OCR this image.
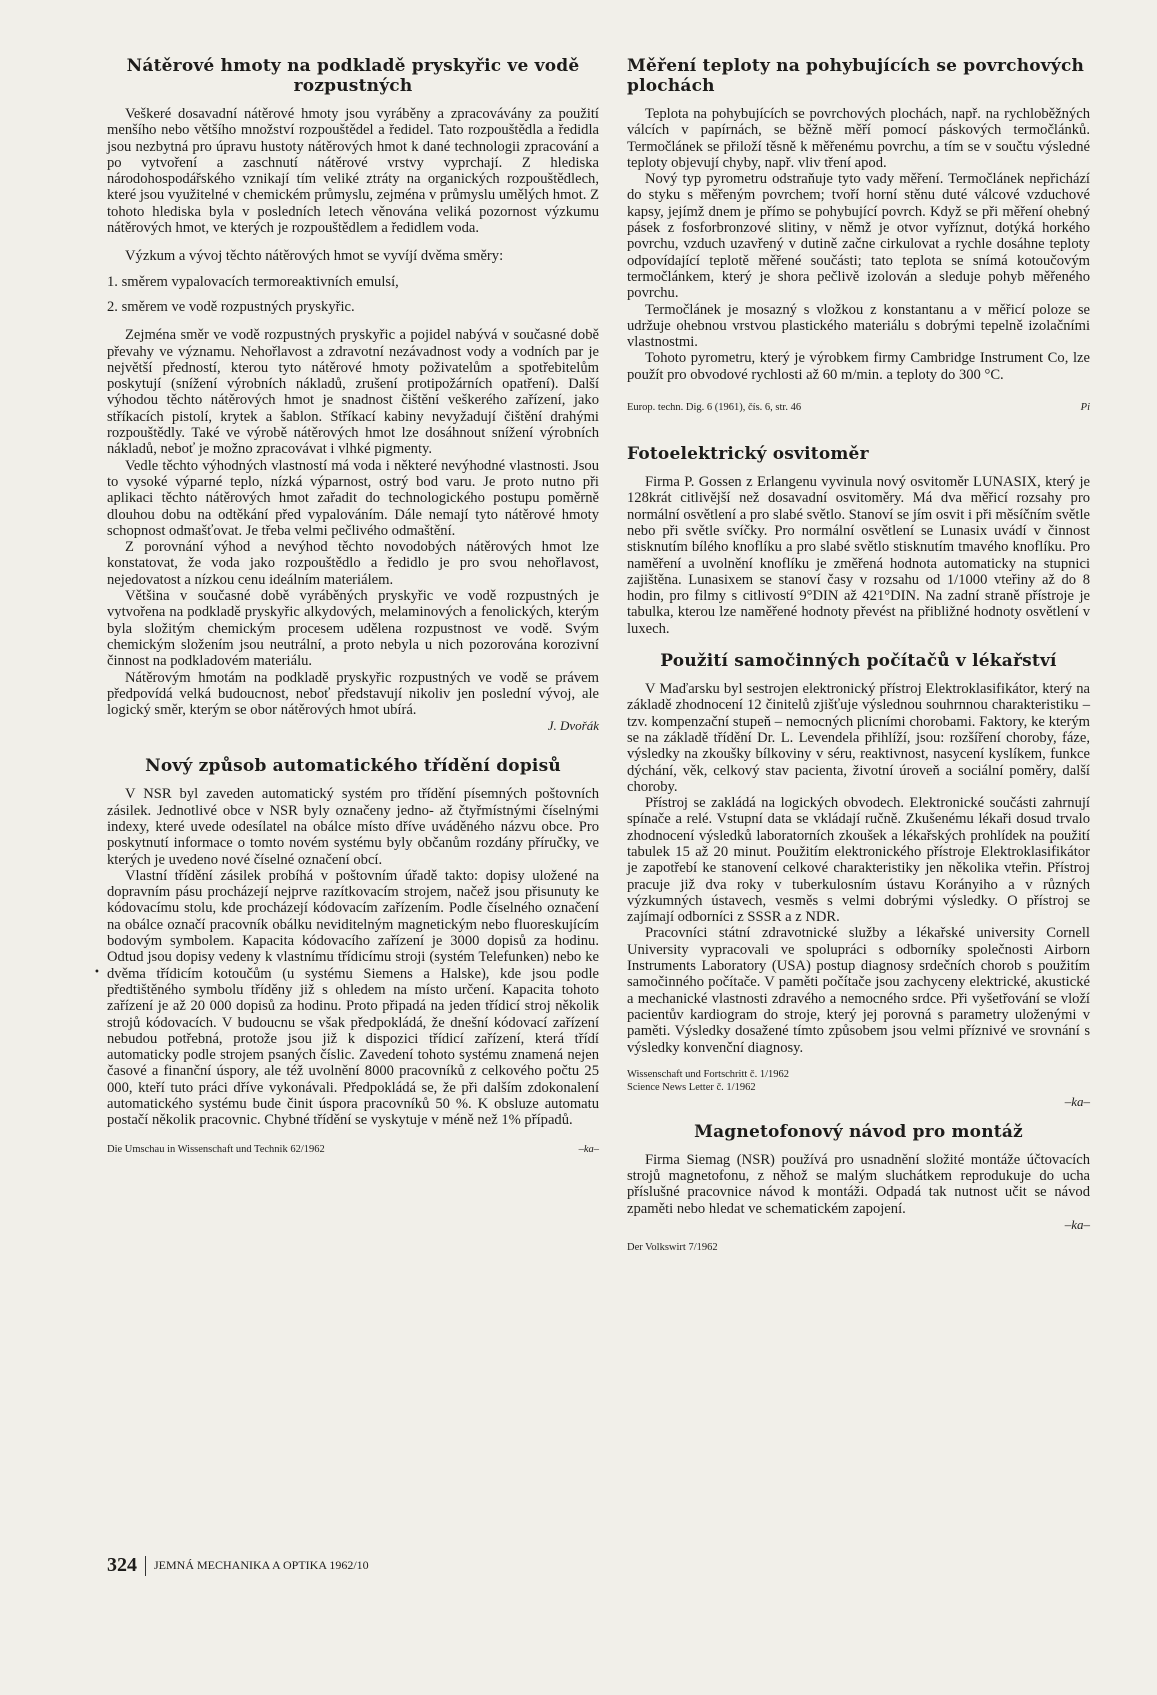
Nátěrové hmoty na podkladě pryskyřic ve vodě rozpustných

Veškeré dosavadní nátěrové hmoty jsou vyráběny a zpracovávány za použití menšího nebo většího množství rozpouštědel a ředidel. Tato rozpouštědla a ředidla jsou nezbytná pro úpravu hustoty nátěrových hmot k dané technologii zpracování a po vytvoření a zaschnutí nátěrové vrstvy vyprchají. Z hlediska národohospodářského vznikají tím veliké ztráty na organických rozpouštědlech, které jsou využitelné v chemickém průmyslu, zejména v průmyslu umělých hmot. Z tohoto hlediska byla v posledních letech věnována veliká pozornost výzkumu nátěrových hmot, ve kterých je rozpouštědlem a ředidlem voda.

Výzkum a vývoj těchto nátěrových hmot se vyvíjí dvěma směry:

1. směrem vypalovacích termoreaktivních emulsí,

2. směrem ve vodě rozpustných pryskyřic.

Zejména směr ve vodě rozpustných pryskyřic a pojidel nabývá v současné době převahy ve významu. Nehořlavost a zdravotní nezávadnost vody a vodních par je největší předností, kterou tyto nátěrové hmoty poživatelům a spotřebitelům poskytují (snížení výrobních nákladů, zrušení protipožárních opatření). Další výhodou těchto nátěrových hmot je snadnost čištění veškerého zařízení, jako stříkacích pistolí, krytek a šablon. Stříkací kabiny nevyžadují čištění drahými rozpouštědly. Také ve výrobě nátěrových hmot lze dosáhnout snížení výrobních nákladů, neboť je možno zpracovávat i vlhké pigmenty.

Vedle těchto výhodných vlastností má voda i některé nevýhodné vlastnosti. Jsou to vysoké výparné teplo, nízká výparnost, ostrý bod varu. Je proto nutno při aplikaci těchto nátěrových hmot zařadit do technologického postupu poměrně dlouhou dobu na odtěkání před vypalováním. Dále nemají tyto nátěrové hmoty schopnost odmašťovat. Je třeba velmi pečlivého odmaštění.

Z porovnání výhod a nevýhod těchto novodobých nátěrových hmot lze konstatovat, že voda jako rozpouštědlo a ředidlo je pro svou nehořlavost, nejedovatost a nízkou cenu ideálním materiálem.

Většina v současné době vyráběných pryskyřic ve vodě rozpustných je vytvořena na podkladě pryskyřic alkydových, melaminových a fenolických, kterým byla složitým chemickým procesem udělena rozpustnost ve vodě. Svým chemickým složením jsou neutrální, a proto nebyla u nich pozorována korozivní činnost na podkladovém materiálu.

Nátěrovým hmotám na podkladě pryskyřic rozpustných ve vodě se právem předpovídá velká budoucnost, neboť představují nikoliv jen poslední vývoj, ale logický směr, kterým se obor nátěrových hmot ubírá.

J. Dvořák

Nový způsob automatického třídění dopisů

V NSR byl zaveden automatický systém pro třídění písemných poštovních zásilek. Jednotlivé obce v NSR byly označeny jedno- až čtyřmístnými číselnými indexy, které uvede odesílatel na obálce místo dříve uváděného názvu obce. Pro poskytnutí informace o tomto novém systému byly občanům rozdány příručky, ve kterých je uvedeno nové číselné označení obcí.

Vlastní třídění zásilek probíhá v poštovním úřadě takto: dopisy uložené na dopravním pásu procházejí nejprve razítkovacím strojem, načež jsou přisunuty ke kódovacímu stolu, kde procházejí kódovacím zařízením. Podle číselného označení na obálce označí pracovník obálku neviditelným magnetickým nebo fluoreskujícím bodovým symbolem. Kapacita kódovacího zařízení je 3000 dopisů za hodinu. Odtud jsou dopisy vedeny k vlastnímu třídicímu stroji (systém Telefunken) nebo ke dvěma třídicím kotoučům (u systému Siemens a Halske), kde jsou podle předtištěného symbolu tříděny již s ohledem na místo určení. Kapacita tohoto zařízení je až 20 000 dopisů za hodinu. Proto připadá na jeden třídicí stroj několik strojů kódovacích. V budoucnu se však předpokládá, že dnešní kódovací zařízení nebudou potřebná, protože jsou již k dispozici třídicí zařízení, která třídí automaticky podle strojem psaných číslic. Zavedení tohoto systému znamená nejen časové a finanční úspory, ale též uvolnění 8000 pracovníků z celkového počtu 25 000, kteří tuto práci dříve vykonávali. Předpokládá se, že při dalším zdokonalení automatického systému bude činit úspora pracovníků 50 %. K obsluze automatu postačí několik pracovnic. Chybné třídění se vyskytuje v méně než 1% případů.

Die Umschau in Wissenschaft und Technik 62/1962	–ka–
•
Měření teploty na pohybujících se povrchových plochách

Teplota na pohybujících se povrchových plochách, např. na rychloběžných válcích v papírnách, se běžně měří pomocí páskových termočlánků. Termočlánek se přiloží těsně k měřenému povrchu, a tím se v součtu výsledné teploty objevují chyby, např. vliv tření apod.

Nový typ pyrometru odstraňuje tyto vady měření. Termočlánek nepřichází do styku s měřeným povrchem; tvoří horní stěnu duté válcové vzduchové kapsy, jejímž dnem je přímo se pohybující povrch. Když se při měření ohebný pásek z fosforbronzové slitiny, v němž je otvor vyříznut, dotýká horkého povrchu, vzduch uzavřený v dutině začne cirkulovat a rychle dosáhne teploty odpovídající teplotě měřené součásti; tato teplota se snímá kotoučovým termočlánkem, který je shora pečlivě izolován a sleduje pohyb měřeného povrchu.

Termočlánek je mosazný s vložkou z konstantanu a v měřicí poloze se udržuje ohebnou vrstvou plastického materiálu s dobrými tepelně izolačními vlastnostmi.

Tohoto pyrometru, který je výrobkem firmy Cambridge Instrument Co, lze použít pro obvodové rychlosti až 60 m/min. a teploty do 300 °C.

Europ. techn. Dig. 6 (1961), čís. 6, str. 46	Pi
Fotoelektrický osvitoměr

Firma P. Gossen z Erlangenu vyvinula nový osvitoměr LUNASIX, který je 128krát citlivější než dosavadní osvitoměry. Má dva měřicí rozsahy pro normální osvětlení a pro slabé světlo. Stanoví se jím osvit i při měsíčním světle nebo při světle svíčky. Pro normální osvětlení se Lunasix uvádí v činnost stisknutím bílého knoflíku a pro slabé světlo stisknutím tmavého knoflíku. Pro naměření a uvolnění knoflíku je změřená hodnota automaticky na stupnici zajištěna. Lunasixem se stanoví časy v rozsahu od 1/1000 vteřiny až do 8 hodin, pro filmy s citlivostí 9°DIN až 421°DIN. Na zadní straně přístroje je tabulka, kterou lze naměřené hodnoty převést na přibližné hodnoty osvětlení v luxech.

Použití samočinných počítačů v lékařství

V Maďarsku byl sestrojen elektronický přístroj Elektroklasifikátor, který na základě zhodnocení 12 činitelů zjišťuje výslednou souhrnnou charakteristiku – tzv. kompenzační stupeň – nemocných plicními chorobami. Faktory, ke kterým se na základě třídění Dr. L. Levendela přihlíží, jsou: rozšíření choroby, fáze, výsledky na zkoušky bílkoviny v séru, reaktivnost, nasycení kyslíkem, funkce dýchání, věk, celkový stav pacienta, životní úroveň a sociální poměry, další choroby.

Přístroj se zakládá na logických obvodech. Elektronické součásti zahrnují spínače a relé. Vstupní data se vkládají ručně. Zkušenému lékaři dosud trvalo zhodnocení výsledků laboratorních zkoušek a lékařských prohlídek na použití tabulek 15 až 20 minut. Použitím elektronického přístroje Elektroklasifikátor je zapotřebí ke stanovení celkové charakteristiky jen několika vteřin. Přístroj pracuje již dva roky v tuberkulosním ústavu Korányiho a v různých výzkumných ústavech, vesměs s velmi dobrými výsledky. O přístroj se zajímají odborníci z SSSR a z NDR.

Pracovníci státní zdravotnické služby a lékařské university Cornell University vypracovali ve spolupráci s odborníky společnosti Airborn Instruments Laboratory (USA) postup diagnosy srdečních chorob s použitím samočinného počítače. V paměti počítače jsou zachyceny elektrické, akustické a mechanické vlastnosti zdravého a nemocného srdce. Při vyšetřování se vloží pacientův kardiogram do stroje, který jej porovná s parametry uloženými v paměti. Výsledky dosažené tímto způsobem jsou velmi příznivé ve srovnání s výsledky konvenční diagnosy.

Wissenschaft und Fortschritt č. 1/1962
Science News Letter č. 1/1962

–ka–

Magnetofonový návod pro montáž

Firma Siemag (NSR) používá pro usnadnění složité montáže účtovacích strojů magnetofonu, z něhož se malým sluchátkem reprodukuje do ucha příslušné pracovnice návod k montáži. Odpadá tak nutnost učit se návod zpaměti nebo hledat ve schematickém zapojení.

–ka–

Der Volkswirt 7/1962
324 JEMNÁ MECHANIKA A OPTIKA 1962/10
